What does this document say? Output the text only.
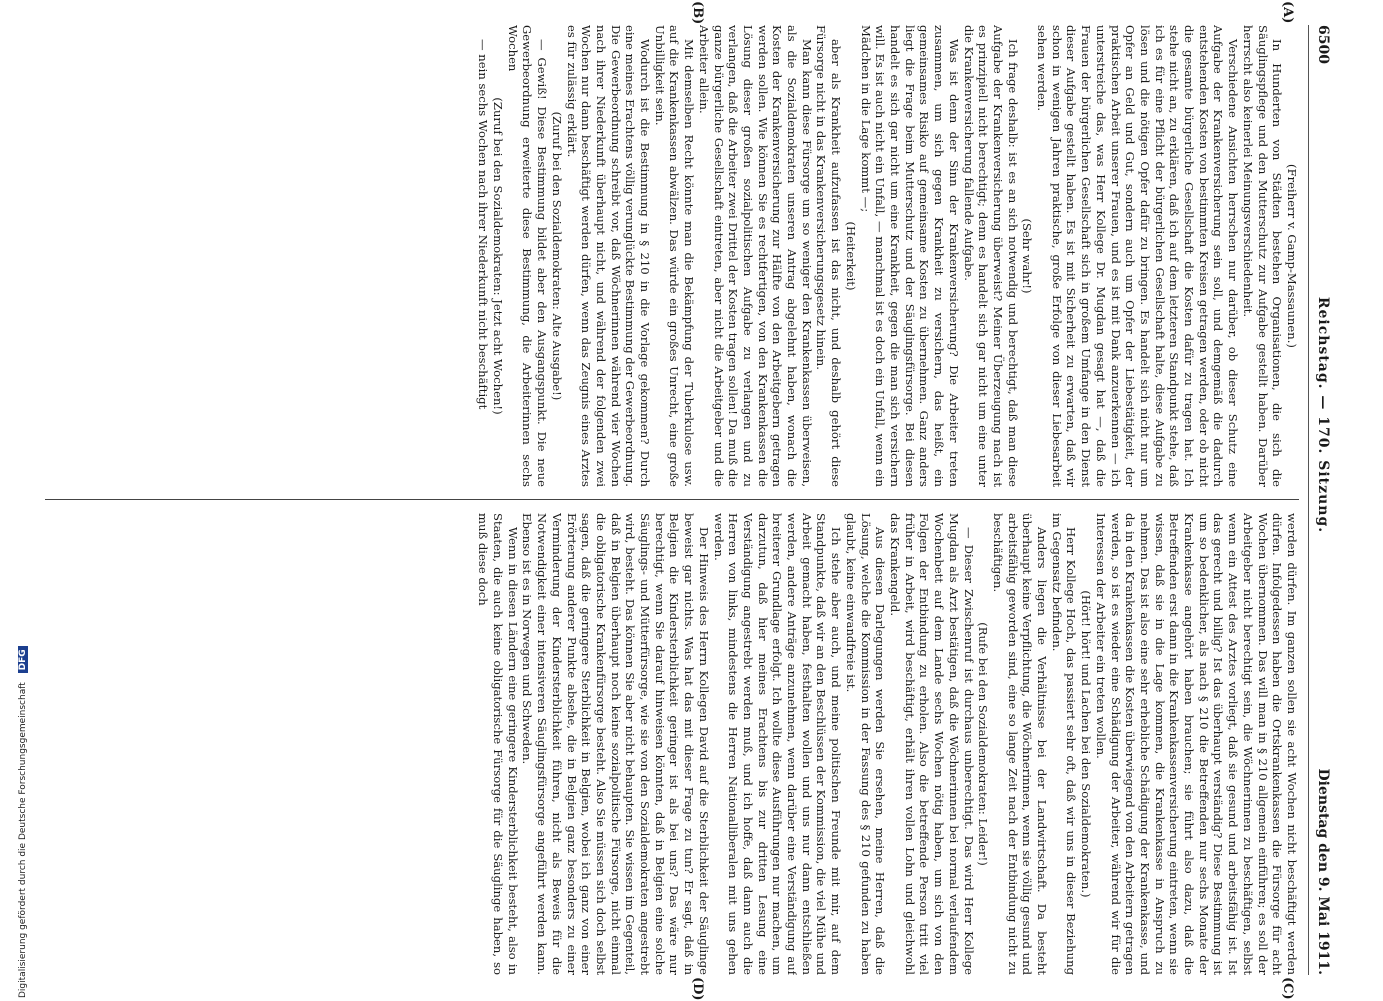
6500
Reichstag. — 170. Sitzung.
Dienstag den 9. Mai 1911.
(A)
(B)
(C)
(D)

(Freiherr v. Gamp-Massaunen.)

In Hunderten von Städten bestehen Organisationen, die sich die Säuglingspflege und den Mutterschutz zur Aufgabe gestellt haben. Darüber herrscht also keinerlei Meinungsverschiedenheit.

Verschiedene Ansichten herrschen nur darüber, ob dieser Schutz eine Aufgabe der Krankenversicherung sein soll, und demgemäß die dadurch entstehenden Kosten von bestimmten Kreisen getragen werden, oder ob nicht die gesamte bürgerliche Gesellschaft die Kosten dafür zu tragen hat. Ich stehe nicht an, zu erklären, daß ich auf dem letzteren Standpunkt stehe, daß ich es für eine Pflicht der bürgerlichen Gesellschaft halte, diese Aufgabe zu lösen und die nötigen Opfer dafür zu bringen. Es handelt sich nicht nur um Opfer an Geld und Gut, sondern auch um Opfer der Liebestätigkeit, der praktischen Arbeit unserer Frauen, und es ist mit Dank anzuerkennen — ich unterstreiche das, was Herr Kollege Dr. Mugdan gesagt hat —, daß die Frauen der bürgerlichen Gesellschaft sich in großem Umfange in den Dienst dieser Aufgabe gestellt haben. Es ist mit Sicherheit zu erwarten, daß wir schon in wenigen Jahren praktische, große Erfolge von dieser Liebesarbeit sehen werden.

(Sehr wahr!)

Ich frage deshalb: ist es an sich notwendig und berechtigt, daß man diese Aufgabe der Krankenversicherung überweist? Meiner Überzeugung nach ist es prinzipiell nicht berechtigt; denn es handelt sich gar nicht um eine unter die Krankenversicherung fallende Aufgabe.

Was ist denn der Sinn der Krankenversicherung? Die Arbeiter treten zusammen, um sich gegen Krankheit zu versichern, das heißt, ein gemeinsames Risiko auf gemeinsame Kosten zu übernehmen. Ganz anders liegt die Frage beim Mutterschutz und der Säuglingsfürsorge. Bei diesen handelt es sich gar nicht um eine Krankheit, gegen die man sich versichern will. Es ist auch nicht ein Unfall, — manchmal ist es doch ein Unfall, wenn ein Mädchen in die Lage kommt —;

(Heiterkeit)

aber als Krankheit aufzufassen ist das nicht, und deshalb gehört diese Fürsorge nicht in das Krankenversicherungsgesetz hinein.

Man kann diese Fürsorge um so weniger den Krankenkassen überweisen, als die Sozialdemokraten unseren Antrag abgelehnt haben, wonach die Kosten der Krankenversicherung zur Hälfte von den Arbeitgebern getragen werden sollen. Wie können Sie es rechtfertigen, von den Krankenkassen die Lösung dieser großen sozialpolitischen Aufgabe zu verlangen und zu verlangen, daß die Arbeiter zwei Drittel der Kosten tragen sollen! Da muß die ganze bürgerliche Gesellschaft eintreten, aber nicht die Arbeitgeber und die Arbeiter allein.

Mit demselben Recht könnte man die Bekämpfung der Tuberkulose usw. auf die Krankenkassen abwälzen. Das würde ein großes Unrecht, eine große Unbilligkeit sein.

Wodurch ist die Bestimmung in § 210 in die Vorlage gekommen? Durch eine meines Erachtens völlig verunglückte Bestimmung der Gewerbeordnung. Die Gewerbeordnung schreibt vor, daß Wöchnerinnen während vier Wochen nach ihrer Niederkunft überhaupt nicht, und während der folgenden zwei Wochen nur dann beschäftigt werden dürfen, wenn das Zeugnis eines Arztes es für zulässig erklärt.

(Zuruf bei den Sozialdemokraten: Alte Ausgabe!)

— Gewiß! Diese Bestimmung bildet aber den Ausgangspunkt. Die neue Gewerbeordnung erweiterte diese Bestimmung, die Arbeiterinnen sechs Wochen

(Zuruf bei den Sozialdemokraten: Jetzt acht Wochen!)

— nein sechs Wochen nach ihrer Niederkunft nicht beschäftigt

werden dürfen. Im ganzen sollen sie acht Wochen nicht beschäftigt werden dürfen. Infolgedessen haben die Ortskrankenkassen die Fürsorge für acht Wochen übernommen. Das will man in § 210 allgemein einführen; es soll der Arbeitgeber nicht berechtigt sein, die Wöchnerinnen zu beschäftigen, selbst wenn ein Attest des Arztes vorliegt, daß sie gesund und arbeitsfähig ist. Ist das gerecht und billig? Ist das überhaupt verständig? Diese Bestimmung ist um so bedenklicher, als nach § 210 die Betreffenden nur sechs Monate der Krankenkasse angehört haben brauchen; sie führt also dazu, daß die Betreffenden erst dann in die Krankenkassenversicherung eintreten, wenn sie wissen, daß sie in die Lage kommen, die Krankenkasse in Anspruch zu nehmen. Das ist also eine sehr erhebliche Schädigung der Krankenkasse, und da in den Krankenkassen die Kosten überwiegend von den Arbeitern getragen werden, so ist es wieder eine Schädigung der Arbeiter, während wir für die Interessen der Arbeiter ein treten wollen.

(Hört! hört! und Lachen bei den Sozialdemokraten.)

Herr Kollege Hoch, das passiert sehr oft, daß wir uns in dieser Beziehung im Gegensatz befinden.

Anders liegen die Verhältnisse bei der Landwirtschaft. Da besteht überhaupt keine Verpflichtung, die Wöchnerinnen, wenn sie völlig gesund und arbeitsfähig geworden sind, eine so lange Zeit nach der Entbindung nicht zu beschäftigen.

(Rufe bei den Sozialdemokraten: Leider!)

— Dieser Zwischenruf ist durchaus unberechtigt. Das wird Herr Kollege Mugdan als Arzt bestätigen, daß die Wöchnerinnen bei normal verlaufendem Wochenbett auf dem Lande sechs Wochen nötig haben, um sich von den Folgen der Entbindung zu erholen. Also die betreffende Person tritt viel früher in Arbeit, wird beschäftigt, erhält ihren vollen Lohn und gleichwohl das Krankengeld.

Aus diesen Darlegungen werden Sie ersehen, meine Herren, daß die Lösung, welche die Kommission in der Fassung des § 210 gefunden zu haben glaubt, keine einwandfreie ist.

Ich stehe aber auch, und meine politischen Freunde mit mir, auf dem Standpunkte, daß wir an den Beschlüssen der Kommission, die viel Mühe und Arbeit gemacht haben, festhalten wollen und uns nur dann entschließen werden, andere Anträge anzunehmen, wenn darüber eine Verständigung auf breiterer Grundlage erfolgt. Ich wollte diese Ausführungen nur machen, um darzutun, daß hier meines Erachtens bis zur dritten Lesung eine Verständigung angestrebt werden muß, und ich hoffe, daß dann auch die Herren von links, mindestens die Herren Nationalliberalen mit uns gehen werden.

Der Hinweis des Herrn Kollegen David auf die Sterblichkeit der Säuglinge beweist gar nichts. Was hat das mit dieser Frage zu tun? Er sagt, daß in Belgien die Kindersterblichkeit geringer ist als bei uns? Das wäre nur berechtigt, wenn Sie darauf hinweisen könnten, daß in Belgien eine solche Säuglings- und Mütterfürsorge, wie sie von den Sozialdemokraten angestrebt wird, besteht. Das können Sie aber nicht behaupten. Sie wissen im Gegenteil, daß in Belgien überhaupt noch keine sozialpolitische Fürsorge, nicht einmal die obligatorische Krankenfürsorge besteht. Also Sie müssen sich doch selbst sagen, daß die geringere Sterblichkeit in Belgien, wobei ich ganz von einer Erörterung anderer Punkte absehe, die in Belgien ganz besonders zu einer Verminderung der Kindersterblichkeit führen, nicht als Beweis für die Notwendigkeit einer intensiveren Säuglingsfürsorge angeführt werden kann. Ebenso ist es in Norwegen und Schweden.

Wenn in diesen Ländern eine geringere Kindersterblichkeit besteht, also in Staaten, die auch keine obligatorische Fürsorge für die Säuglinge haben, so muß diese doch

Digitalisierung gefördert durch die Deutsche Forschungsgemeinschaft DFG
